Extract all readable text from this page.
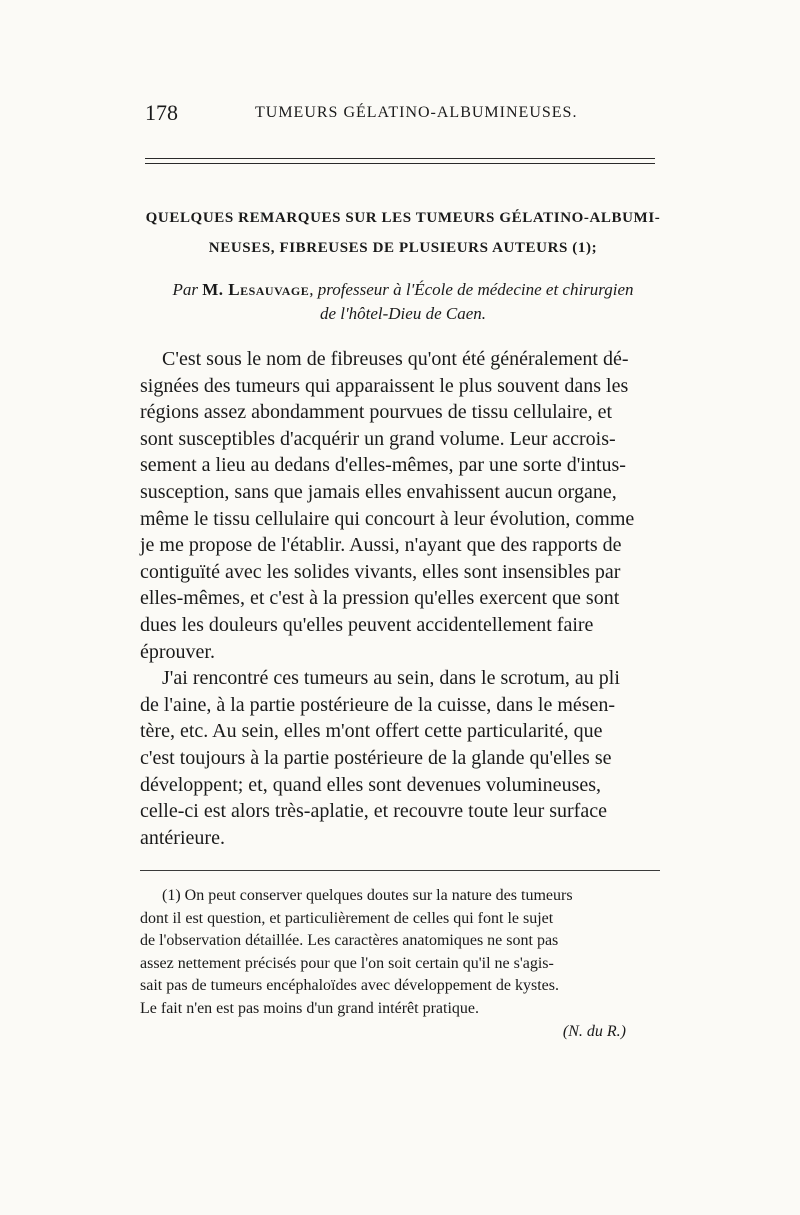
178	TUMEURS GÉLATINO-ALBUMINEUSES.
QUELQUES REMARQUES SUR LES TUMEURS GÉLATINO-ALBUMI-
NEUSES, FIBREUSES DE PLUSIEURS AUTEURS (1);
Par M. Lesauvage, professeur à l'École de médecine et chirurgien
de l'hôtel-Dieu de Caen.
C'est sous le nom de fibreuses qu'ont été généralement dé-
signées des tumeurs qui apparaissent le plus souvent dans les
régions assez abondamment pourvues de tissu cellulaire, et
sont susceptibles d'acquérir un grand volume. Leur accrois-
sement a lieu au dedans d'elles-mêmes, par une sorte d'intus-
susception, sans que jamais elles envahissent aucun organe,
même le tissu cellulaire qui concourt à leur évolution, comme
je me propose de l'établir. Aussi, n'ayant que des rapports de
contiguïté avec les solides vivants, elles sont insensibles par
elles-mêmes, et c'est à la pression qu'elles exercent que sont
dues les douleurs qu'elles peuvent accidentellement faire
éprouver.
J'ai rencontré ces tumeurs au sein, dans le scrotum, au pli
de l'aine, à la partie postérieure de la cuisse, dans le mésen-
tère, etc. Au sein, elles m'ont offert cette particularité, que
c'est toujours à la partie postérieure de la glande qu'elles se
développent; et, quand elles sont devenues volumineuses,
celle-ci est alors très-aplatie, et recouvre toute leur surface
antérieure.
(1) On peut conserver quelques doutes sur la nature des tumeurs
dont il est question, et particulièrement de celles qui font le sujet
de l'observation détaillée. Les caractères anatomiques ne sont pas
assez nettement précisés pour que l'on soit certain qu'il ne s'agis-
sait pas de tumeurs encéphaloïdes avec développement de kystes.
Le fait n'en est pas moins d'un grand intérêt pratique.
(N. du R.)
